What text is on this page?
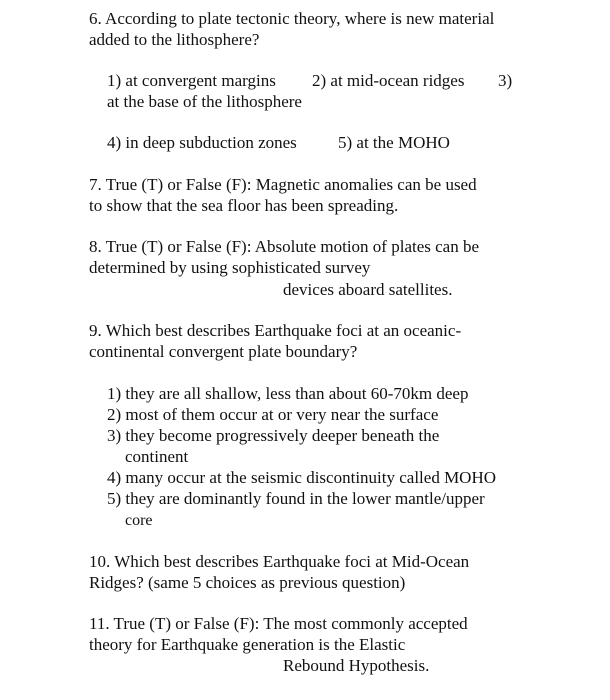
6. According to plate tectonic theory, where is new material
added to the lithosphere?
1) at convergent margins 2) at mid-ocean ridges 3)
at the base of the lithosphere
4) in deep subduction zones 5) at the MOHO
7. True (T) or False (F): Magnetic anomalies can be used
to show that the sea floor has been spreading.
8. True (T) or False (F): Absolute motion of plates can be
determined by using sophisticated survey
devices aboard satellites.
9. Which best describes Earthquake foci at an oceanic-
continental convergent plate boundary?
1) they are all shallow, less than about 60-70km deep
2) most of them occur at or very near the surface
3) they become progressively deeper beneath the
continent
4) many occur at the seismic discontinuity called MOHO
5) they are dominantly found in the lower mantle/upper
core
10. Which best describes Earthquake foci at Mid-Ocean
Ridges? (same 5 choices as previous question)
11. True (T) or False (F): The most commonly accepted
theory for Earthquake generation is the Elastic
Rebound Hypothesis.
